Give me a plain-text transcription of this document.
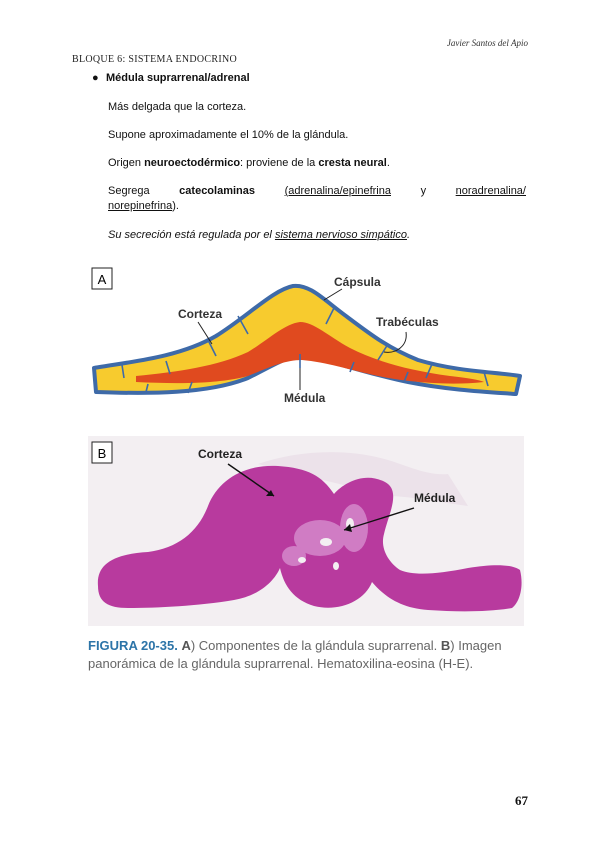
Javier Santos del Apio
BLOQUE 6: SISTEMA ENDOCRINO
● Médula suprarrenal/adrenal
Más delgada que la corteza.
Supone aproximadamente el 10% de la glándula.
Origen neuroectodérmico: proviene de la cresta neural.
Segrega	catecolaminas	(adrenalina/epinefrina	y	noradrenalina/
norepinefrina).
Su secreción está regulada por el sistema nervioso simpático.
A	Cápsula
Corteza
Trabéculas
Médula
B	Corteza
Médula
FIGURA 20-35. A) Componentes de la glándula suprarrenal. B) Imagen panorámica de la glándula suprarrenal. Hematoxilina-eosina (H-E).
67
